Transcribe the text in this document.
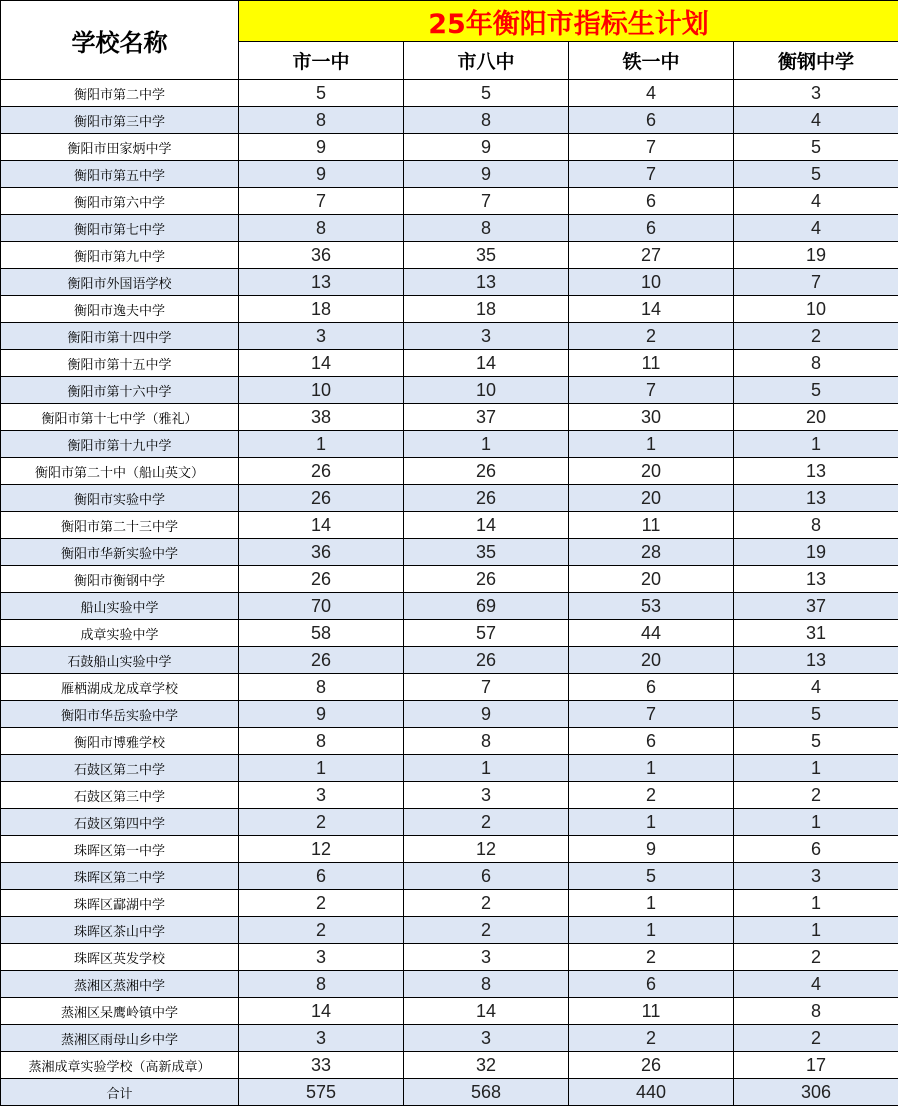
学校名称	25年衡阳市指标生计划			
	市一中	市八中	铁一中	衡钢中学
衡阳市第二中学	5	5	4	3
衡阳市第三中学	8	8	6	4
衡阳市田家炳中学	9	9	7	5
衡阳市第五中学	9	9	7	5
衡阳市第六中学	7	7	6	4
衡阳市第七中学	8	8	6	4
衡阳市第九中学	36	35	27	19
衡阳市外国语学校	13	13	10	7
衡阳市逸夫中学	18	18	14	10
衡阳市第十四中学	3	3	2	2
衡阳市第十五中学	14	14	11	8
衡阳市第十六中学	10	10	7	5
衡阳市第十七中学（雅礼）	38	37	30	20
衡阳市第十九中学	1	1	1	1
衡阳市第二十中（船山英文）	26	26	20	13
衡阳市实验中学	26	26	20	13
衡阳市第二十三中学	14	14	11	8
衡阳市华新实验中学	36	35	28	19
衡阳市衡钢中学	26	26	20	13
船山实验中学	70	69	53	37
成章实验中学	58	57	44	31
石鼓船山实验中学	26	26	20	13
雁栖湖成龙成章学校	8	7	6	4
衡阳市华岳实验中学	9	9	7	5
衡阳市博雅学校	8	8	6	5
石鼓区第二中学	1	1	1	1
石鼓区第三中学	3	3	2	2
石鼓区第四中学	2	2	1	1
珠晖区第一中学	12	12	9	6
珠晖区第二中学	6	6	5	3
珠晖区酃湖中学	2	2	1	1
珠晖区茶山中学	2	2	1	1
珠晖区英发学校	3	3	2	2
蒸湘区蒸湘中学	8	8	6	4
蒸湘区呆鹰岭镇中学	14	14	11	8
蒸湘区雨母山乡中学	3	3	2	2
蒸湘成章实验学校（高新成章）	33	32	26	17
合计	575	568	440	306
